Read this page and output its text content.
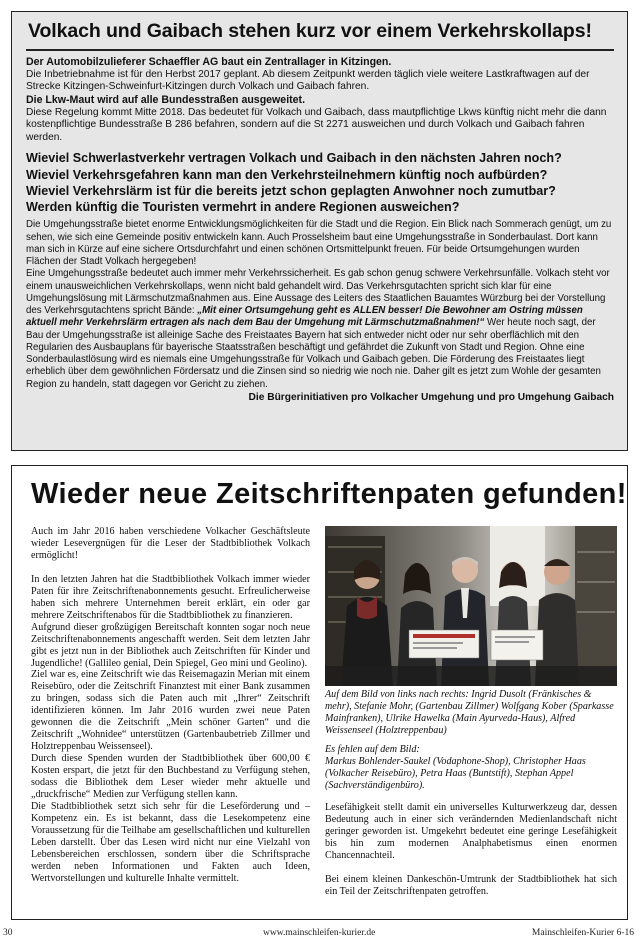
Volkach und Gaibach stehen kurz vor einem Verkehrskollaps!
Der Automobilzulieferer Schaeffler AG baut ein Zentrallager in Kitzingen.
Die Inbetriebnahme ist für den Herbst 2017 geplant. Ab diesem Zeitpunkt werden täglich viele weitere Lastkraftwagen auf der Strecke Kitzingen-Schweinfurt-Kitzingen durch Volkach und Gaibach fahren.
Die Lkw-Maut wird auf alle Bundesstraßen ausgeweitet.
Diese Regelung kommt Mitte 2018. Das bedeutet für Volkach und Gaibach, dass mautpflichtige Lkws künftig nicht mehr die dann kostenpflichtige Bundesstraße B 286 befahren, sondern auf die St 2271 ausweichen und durch Volkach und Gaibach fahren werden.
Wieviel Schwerlastverkehr vertragen Volkach und Gaibach in den nächsten Jahren noch?
Wieviel Verkehrsgefahren kann man den Verkehrsteilnehmern künftig noch aufbürden?
Wieviel Verkehrslärm ist für die bereits jetzt schon geplagten Anwohner noch zumutbar?
Werden künftig die Touristen vermehrt in andere Regionen ausweichen?
Die Umgehungsstraße bietet enorme Entwicklungsmöglichkeiten für die Stadt und die Region. Ein Blick nach Sommerach genügt, um zu sehen, wie sich eine Gemeinde positiv entwickeln kann. Auch Prosselsheim baut eine Umgehungsstraße in Sonderbaulast. Dort kann man sich in Kürze auf eine sichere Ortsdurchfahrt und einen schönen Ortsmittelpunkt freuen. Für beide Ortsumgehungen wurden Flächen der Stadt Volkach hergegeben!
Eine Umgehungsstraße bedeutet auch immer mehr Verkehrssicherheit. Es gab schon genug schwere Verkehrsunfälle. Volkach steht vor einem unausweichlichen Verkehrskollaps, wenn nicht bald gehandelt wird. Das Verkehrsgutachten spricht sich klar für eine Umgehungslösung mit Lärmschutzmaßnahmen aus. Eine Aussage des Leiters des Staatlichen Bauamtes Würzburg bei der Vorstellung des Verkehrsgutachtens spricht Bände: „Mit einer Ortsumgehung geht es ALLEN besser! Die Bewohner am Ostring müssen aktuell mehr Verkehrslärm ertragen als nach dem Bau der Umgehung mit Lärmschutzmaßnahmen!“ Wer heute noch sagt, der Bau der Umgehungsstraße ist alleinige Sache des Freistaates Bayern hat sich entweder nicht oder nur sehr oberflächlich mit den Regularien des Ausbauplans für bayerische Staatsstraßen beschäftigt und gefährdet die Zukunft von Stadt und Region. Ohne eine Sonderbaulastlösung wird es niemals eine Umgehungsstraße für Volkach und Gaibach geben. Die Förderung des Freistaates liegt erheblich über dem gewöhnlichen Fördersatz und die Zinsen sind so niedrig wie noch nie. Daher gilt es jetzt zum Wohle der gesamten Region zu handeln, statt dagegen vor Gericht zu ziehen.
Die Bürgerinitiativen pro Volkacher Umgehung und pro Umgehung Gaibach
Wieder neue Zeitschriftenpaten gefunden!
Auch im Jahr 2016 haben verschiedene Volkacher Geschäftsleute wieder Lesevergnügen für die Leser der Stadtbibliothek Volkach ermöglicht!
In den letzten Jahren hat die Stadtbibliothek Volkach immer wieder Paten für ihre Zeitschriftenabonnements gesucht. Erfreulicherweise haben sich mehrere Unternehmen bereit erklärt, ein oder gar mehrere Zeitschriftenabos für die Stadtbibliothek zu finanzieren.
Aufgrund dieser großzügigen Bereitschaft konnten sogar noch neue Zeitschriftenabonnements angeschafft werden. Seit dem letzten Jahr gibt es jetzt nun in der Bibliothek auch Zeitschriften für Kinder und Jugendliche! (Gallileo genial, Dein Spiegel, Geo mini und Geolino).
Ziel war es, eine Zeitschrift wie das Reisemagazin Merian mit einem Reisebüro, oder die Zeitschrift Finanztest mit einer Bank zusammen zu bringen, sodass sich die Paten auch mit „Ihrer“ Zeitschrift identifizieren können. Im Jahr 2016 wurden zwei neue Paten gewonnen die die Zeitschrift „Mein schöner Garten“ und die Zeitschrift „Wohnidee“ unterstützen (Gartenbaubetrieb Zillmer und Holztreppenbau Weissenseel).
Durch diese Spenden wurden der Stadtbibliothek über 600,00 € Kosten erspart, die jetzt für den Buchbestand zu Verfügung stehen, sodass die Bibliothek dem Leser wieder mehr aktuelle und „druckfrische“ Medien zur Verfügung stellen kann.
Die Stadtbibliothek setzt sich sehr für die Leseförderung und –Kompetenz ein. Es ist bekannt, dass die Lesekompetenz eine Voraussetzung für die Teilhabe am gesellschaftlichen und kulturellen Leben darstellt. Über das Lesen wird nicht nur eine Vielzahl von Lebensbereichen erschlossen, sondern über die Schriftsprache werden neben Informationen und Fakten auch Ideen, Wertvorstellungen und kulturelle Inhalte vermittelt.
Auf dem Bild von links nach rechts: Ingrid Dusolt (Fränkisches & mehr), Stefanie Mohr, (Gartenbau Zillmer) Wolfgang Kober (Sparkasse Mainfranken), Ulrike Hawelka (Main Ayurveda-Haus), Alfred Weissenseel (Holztreppenbau)
Es fehlen auf dem Bild:
Markus Bohlender-Saukel (Vodaphone-Shop), Christopher Haas (Volkacher Reisebüro), Petra Haas (Buntstift), Stephan Appel (Sachverständigenbüro).
Lesefähigkeit stellt damit ein universelles Kulturwerkzeug dar, dessen Bedeutung auch in einer sich verändernden Medienlandschaft nicht geringer geworden ist. Umgekehrt bedeutet eine geringe Lesefähigkeit bis hin zum modernen Analphabetismus einen enormen Chancennachteil.
Bei einem kleinen Dankeschön-Umtrunk der Stadtbibliothek hat sich ein Teil der Zeitschriftenpaten getroffen.
30	www.mainschleifen-kurier.de	Mainschleifen-Kurier 6-16
